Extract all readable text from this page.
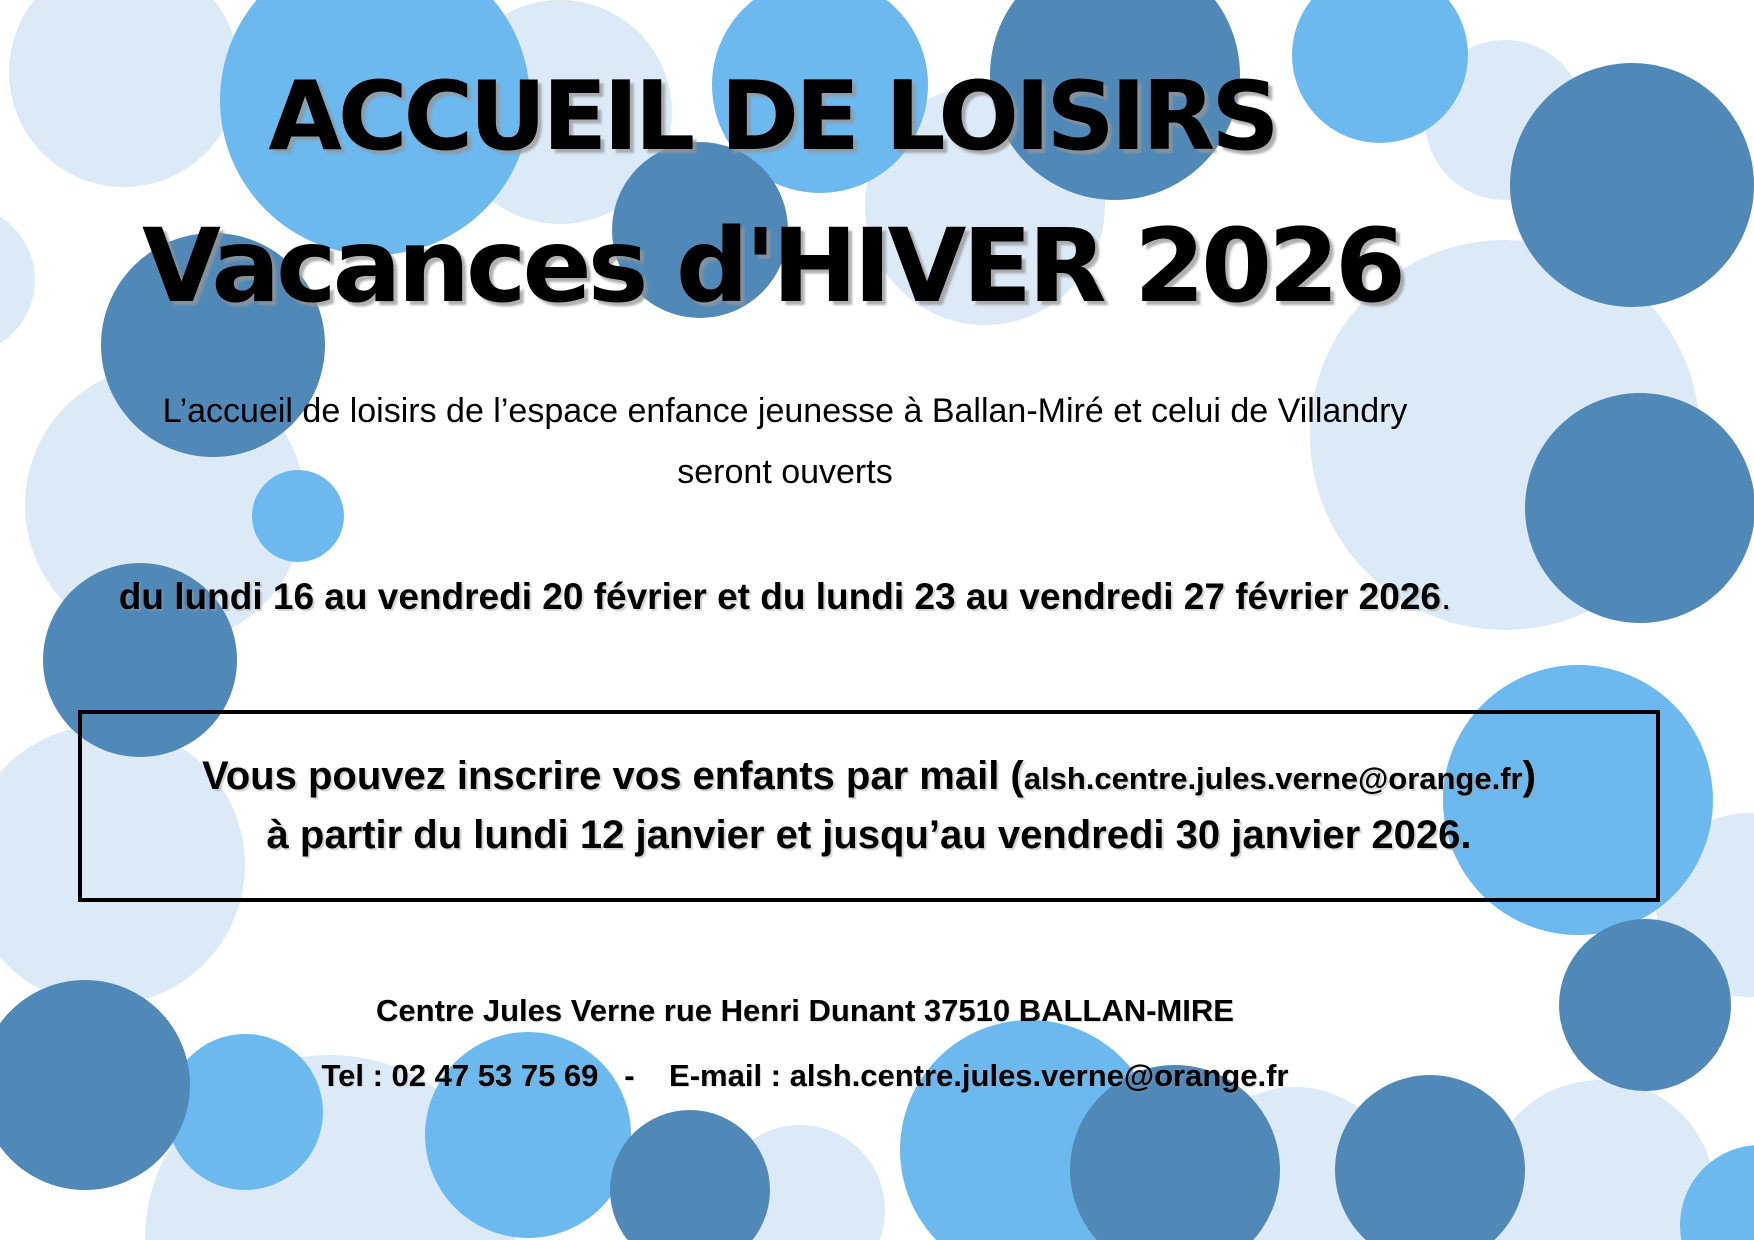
ACCUEIL DE LOISIRS
Vacances d'HIVER 2026
L’accueil de loisirs de l’espace enfance jeunesse à Ballan-Miré et celui de Villandry
seront ouverts
du lundi 16 au vendredi 20 février et du lundi 23 au vendredi 27 février 2026.
Vous pouvez inscrire vos enfants par mail (alsh.centre.jules.verne@orange.fr)
à partir du lundi 12 janvier et jusqu’au vendredi 30 janvier 2026.
Centre Jules Verne rue Henri Dunant 37510 BALLAN-MIRE
Tel : 02 47 53 75 69   -    E-mail : alsh.centre.jules.verne@orange.fr
